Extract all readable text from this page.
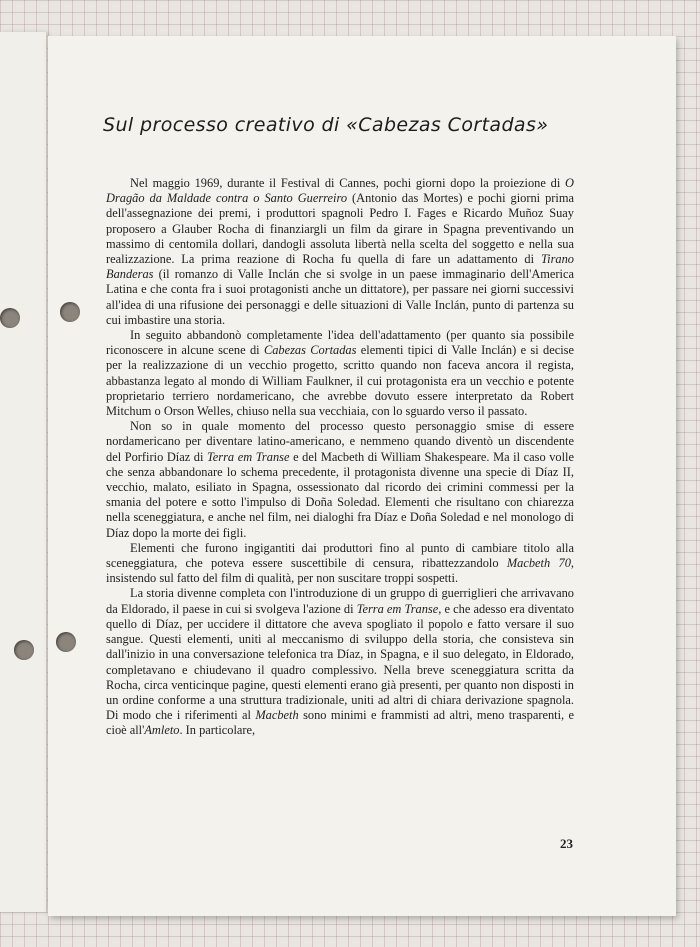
Sul processo creativo di «Cabezas Cortadas»

Nel maggio 1969, durante il Festival di Cannes, pochi giorni dopo la proiezione di O Dragão da Maldade contra o Santo Guerreiro (Antonio das Mortes) e pochi giorni prima dell'assegnazione dei premi, i produttori spagnoli Pedro I. Fages e Ricardo Muñoz Suay proposero a Glauber Rocha di finanziargli un film da girare in Spagna preventivando un massimo di centomila dollari, dandogli assoluta libertà nella scelta del soggetto e nella sua realizzazione. La prima reazione di Rocha fu quella di fare un adattamento di Tirano Banderas (il romanzo di Valle Inclán che si svolge in un paese immaginario dell'America Latina e che conta fra i suoi protagonisti anche un dittatore), per passare nei giorni successivi all'idea di una rifusione dei personaggi e delle situazioni di Valle Inclán, punto di partenza su cui imbastire una storia.

In seguito abbandonò completamente l'idea dell'adattamento (per quanto sia possibile riconoscere in alcune scene di Cabezas Cortadas elementi tipici di Valle Inclán) e si decise per la realizzazione di un vecchio progetto, scritto quando non faceva ancora il regista, abbastanza legato al mondo di William Faulkner, il cui protagonista era un vecchio e potente proprietario terriero nordamericano, che avrebbe dovuto essere interpretato da Robert Mitchum o Orson Welles, chiuso nella sua vecchiaia, con lo sguardo verso il passato.

Non so in quale momento del processo questo personaggio smise di essere nordamericano per diventare latino-americano, e nemmeno quando diventò un discendente del Porfirio Díaz di Terra em Transe e del Macbeth di William Shakespeare. Ma il caso volle che senza abbandonare lo schema precedente, il protagonista divenne una specie di Díaz II, vecchio, malato, esiliato in Spagna, ossessionato dal ricordo dei crimini commessi per la smania del potere e sotto l'impulso di Doña Soledad. Elementi che risultano con chiarezza nella sceneggiatura, e anche nel film, nei dialoghi fra Díaz e Doña Soledad e nel monologo di Díaz dopo la morte dei figli.

Elementi che furono ingigantiti dai produttori fino al punto di cambiare titolo alla sceneggiatura, che poteva essere suscettibile di censura, ribattezzandolo Macbeth 70, insistendo sul fatto del film di qualità, per non suscitare troppi sospetti.

La storia divenne completa con l'introduzione di un gruppo di guerriglieri che arrivavano da Eldorado, il paese in cui si svolgeva l'azione di Terra em Transe, e che adesso era diventato quello di Díaz, per uccidere il dittatore che aveva spogliato il popolo e fatto versare il suo sangue. Questi elementi, uniti al meccanismo di sviluppo della storia, che consisteva sin dall'inizio in una conversazione telefonica tra Díaz, in Spagna, e il suo delegato, in Eldorado, completavano e chiudevano il quadro complessivo. Nella breve sceneggiatura scritta da Rocha, circa venticinque pagine, questi elementi erano già presenti, per quanto non disposti in un ordine conforme a una struttura tradizionale, uniti ad altri di chiara derivazione spagnola. Di modo che i riferimenti al Macbeth sono minimi e frammisti ad altri, meno trasparenti, e cioè all'Amleto. In particolare,

23
